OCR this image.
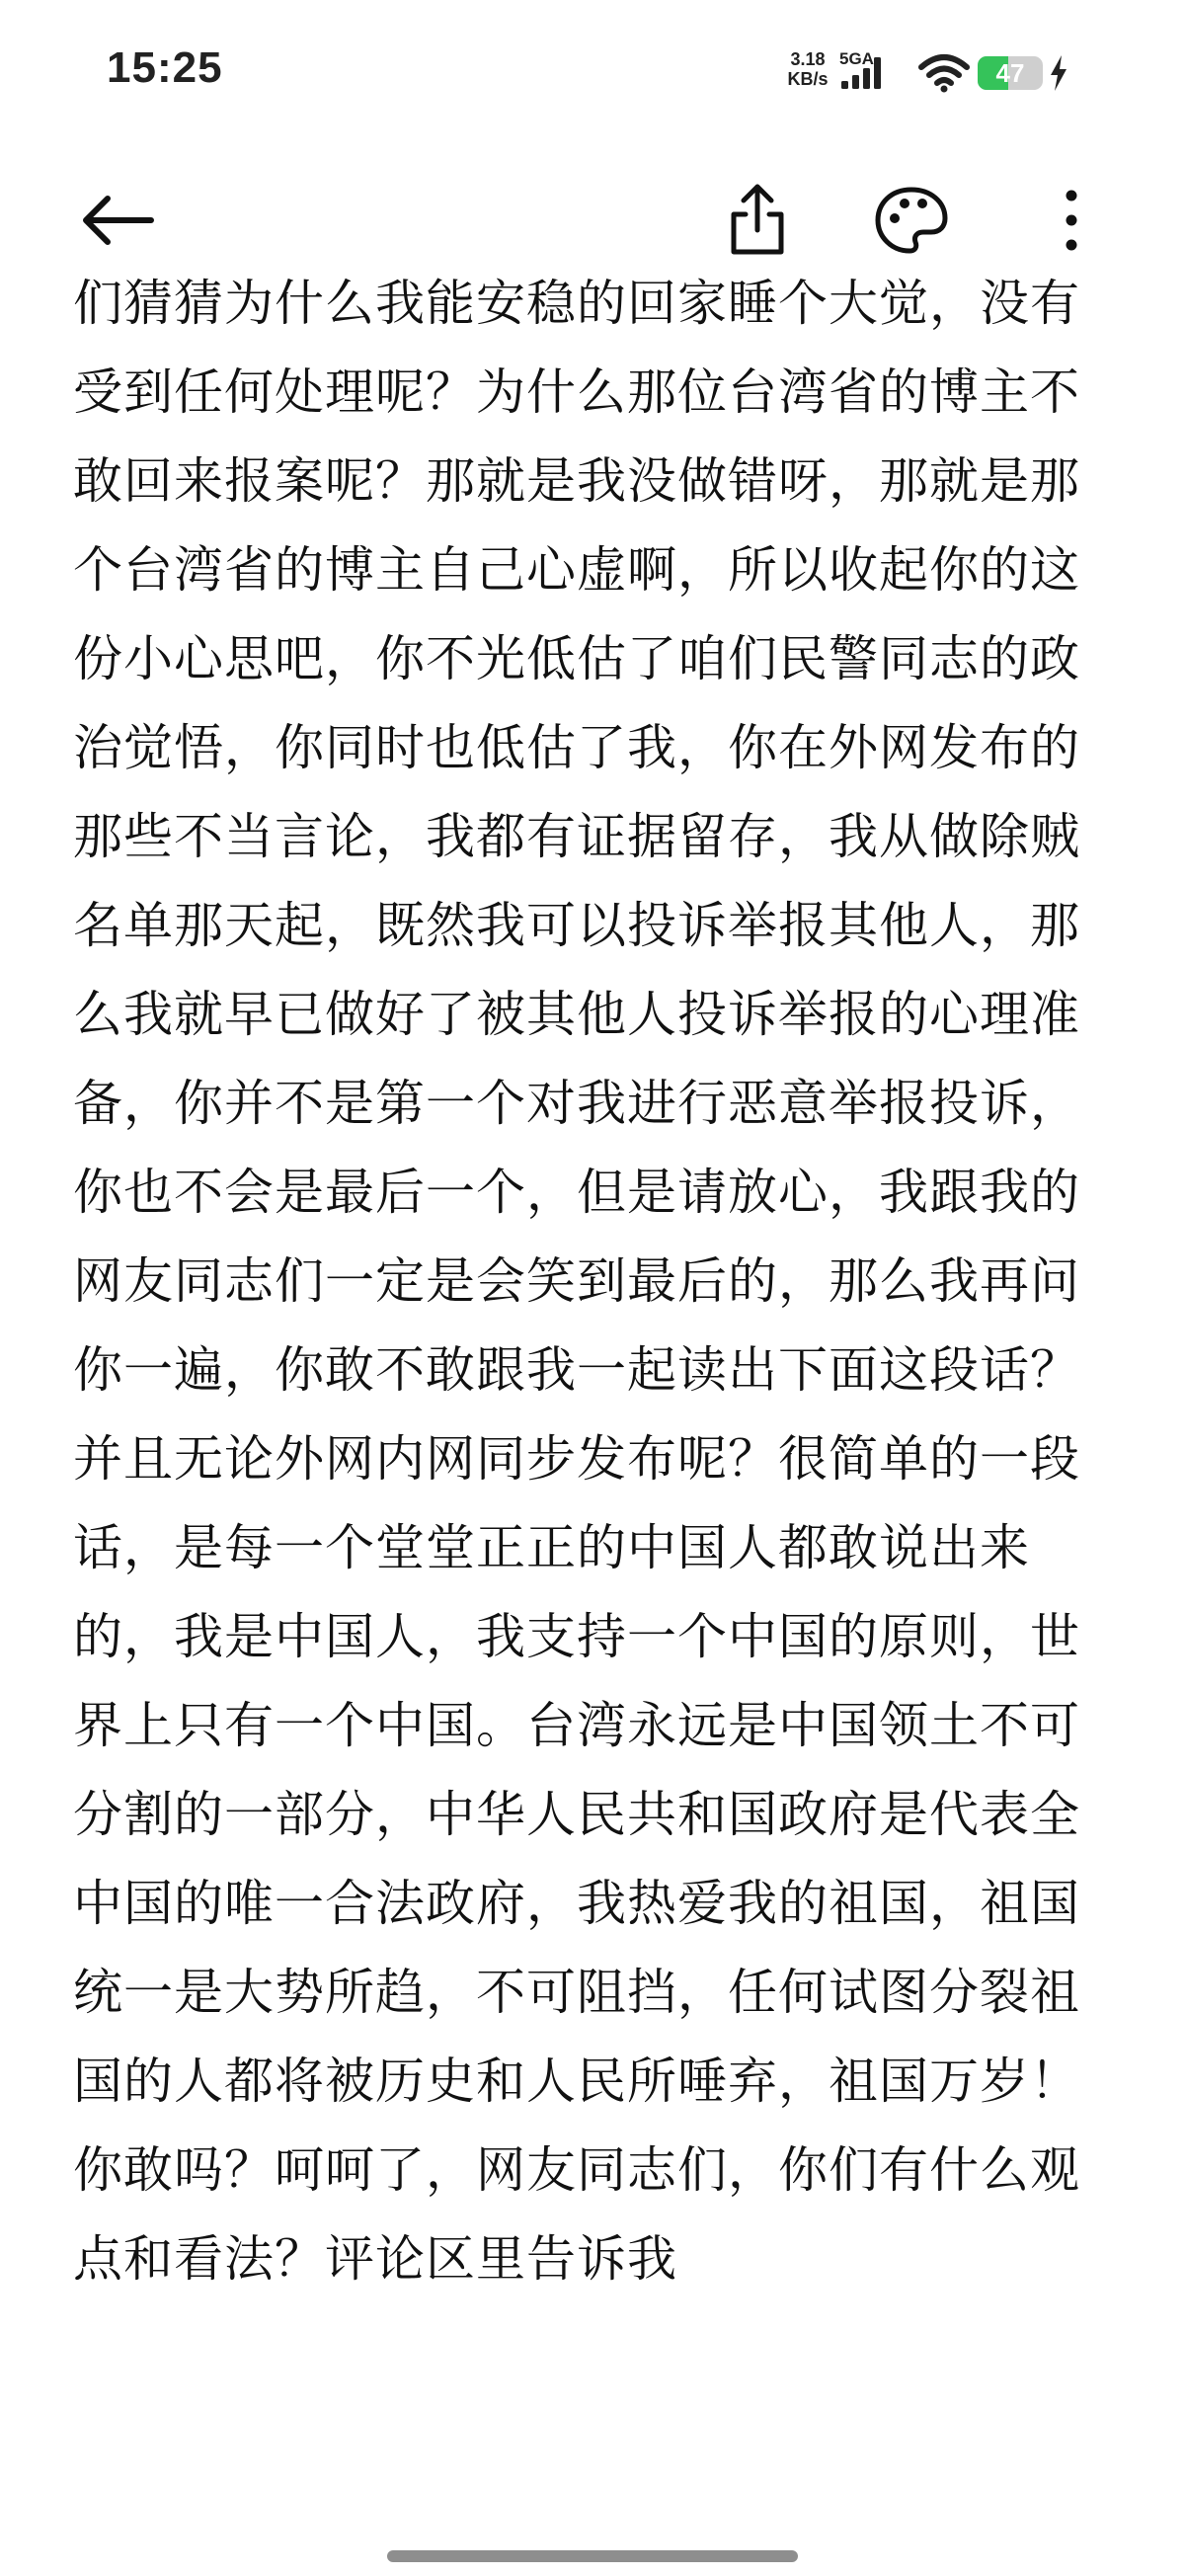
15:25	3.18
KB/s
5GA	47

们猜猜为什么我能安稳的回家睡个大觉，没有受到任何处理呢？为什么那位台湾省的博主不敢回来报案呢？那就是我没做错呀，那就是那个台湾省的博主自己心虚啊，所以收起你的这份小心思吧，你不光低估了咱们民警同志的政治觉悟，你同时也低估了我，你在外网发布的那些不当言论，我都有证据留存，我从做除贼名单那天起，既然我可以投诉举报其他人，那么我就早已做好了被其他人投诉举报的心理准备，你并不是第一个对我进行恶意举报投诉，你也不会是最后一个，但是请放心，我跟我的网友同志们一定是会笑到最后的，那么我再问你一遍，你敢不敢跟我一起读出下面这段话？并且无论外网内网同步发布呢？很简单的一段话，是每一个堂堂正正的中国人都敢说出来的，我是中国人，我支持一个中国的原则，世界上只有一个中国。台湾永远是中国领土不可分割的一部分，中华人民共和国政府是代表全中国的唯一合法政府，我热爱我的祖国，祖国统一是大势所趋，不可阻挡，任何试图分裂祖国的人都将被历史和人民所唾弃，祖国万岁！你敢吗？呵呵了，网友同志们，你们有什么观点和看法？评论区里告诉我
